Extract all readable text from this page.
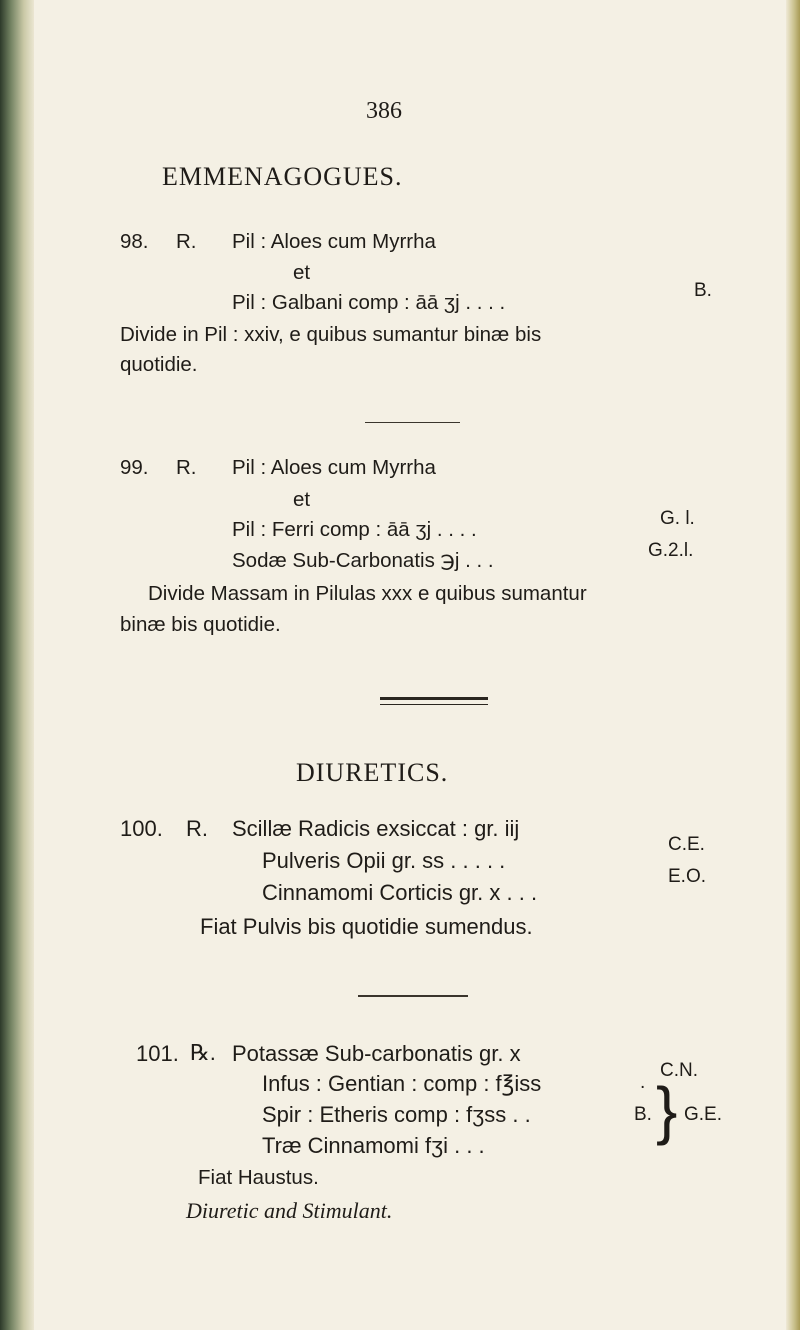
386
EMMENAGOGUES.
98. R. Pil : Aloes cum Myrrha
et
Pil : Galbani comp : āā ʒj . . . .
B.
Divide in Pil : xxiv, e quibus sumantur binæ bis
quotidie.
99. R. Pil : Aloes cum Myrrha
et
Pil : Ferri comp : āā ʒj . . . .
Sodæ Sub-Carbonatis ℈j . . .
G. l.
G.2.l.
Divide Massam in Pilulas xxx e quibus sumantur
binæ bis quotidie.
DIURETICS.
100. R. Scillæ Radicis exsiccat : gr. iij
Pulveris Opii gr. ss . . . . .
Cinnamomi Corticis gr. x . . .
C.E.
E.O.
Fiat Pulvis bis quotidie sumendus.
101. ℞. Potassæ Sub-carbonatis gr. x
Infus : Gentian : comp : f℥iss
Spir : Etheris comp : fʒss . .
Træ Cinnamomi fʒi . . .
.
C.N.
B. } G.E.
Fiat Haustus.
Diuretic and Stimulant.
